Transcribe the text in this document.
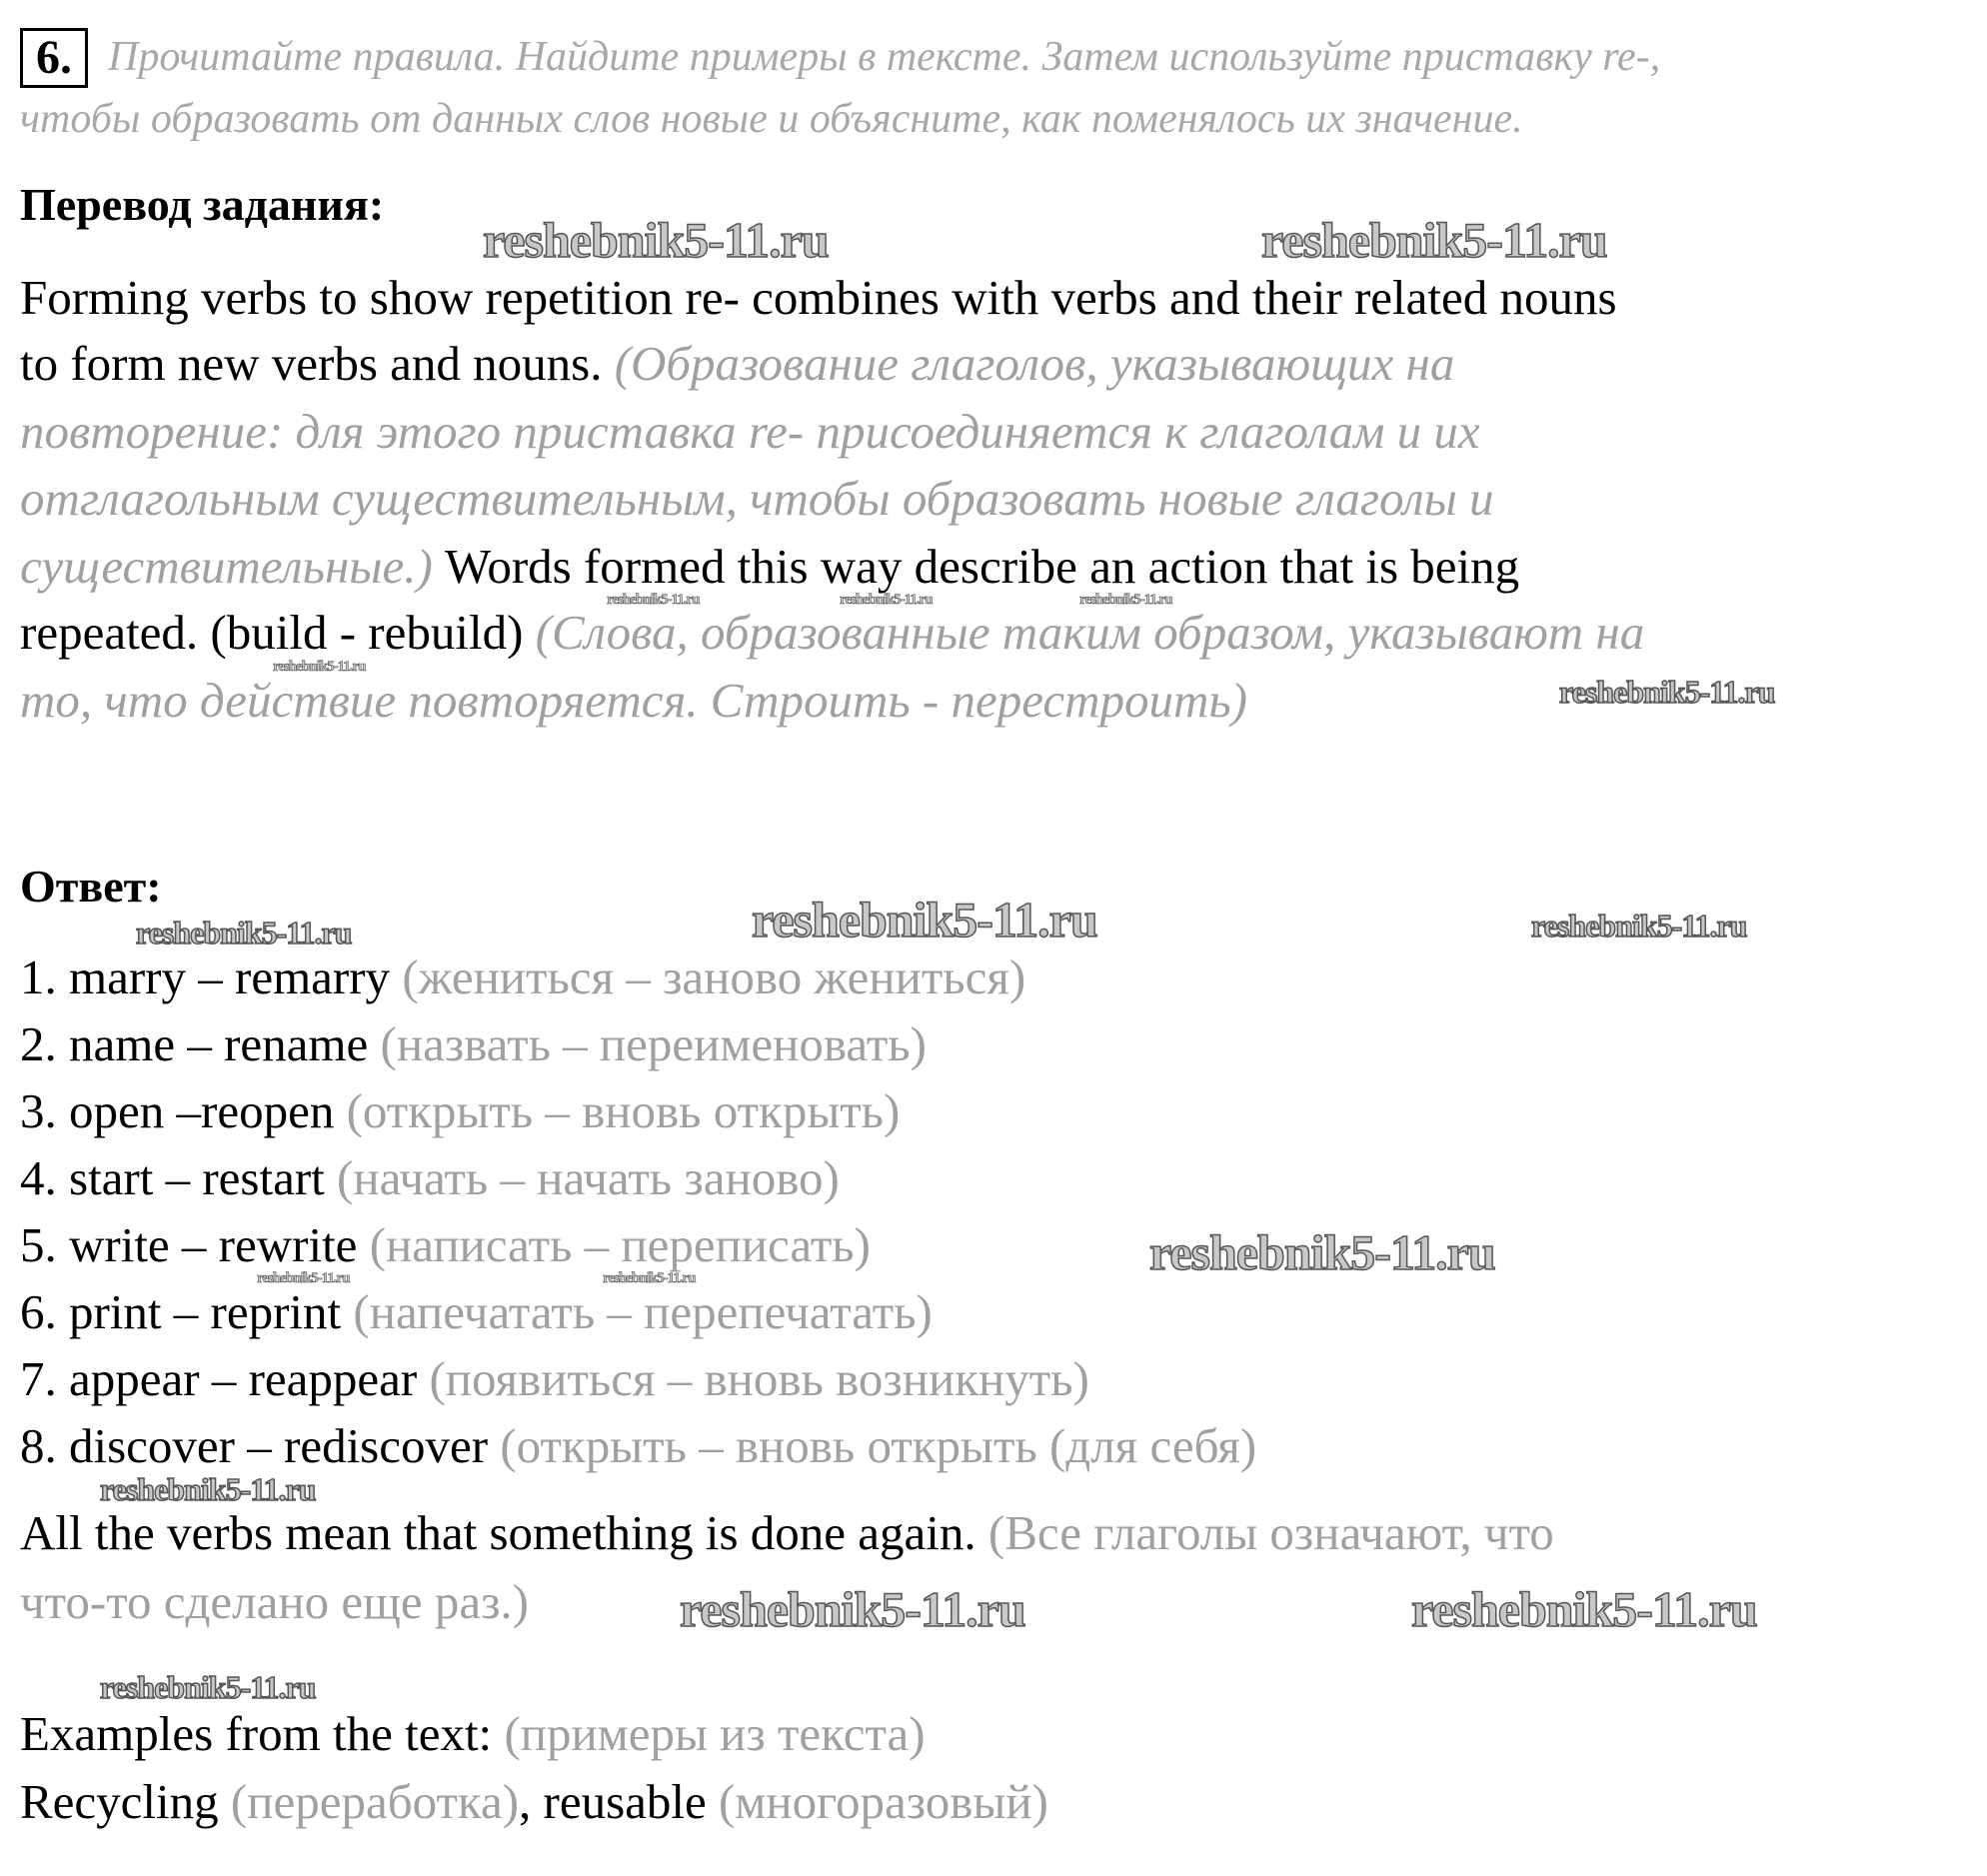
6. Прочитайте правила. Найдите примеры в тексте. Затем используйте приставку re-,
чтобы образовать от данных слов новые и объясните, как поменялось их значение.
Перевод задания:
Forming verbs to show repetition re- combines with verbs and their related nouns
to form new verbs and nouns. (Образование глаголов, указывающих на
повторение: для этого приставка re- присоединяется к глаголам и их
отглагольным существительным, чтобы образовать новые глаголы и
существительные.) Words formed this way describe an action that is being
repeated. (build - rebuild) (Слова, образованные таким образом, указывают на
то, что действие повторяется. Строить - перестроить)
Ответ:
1. marry – remarry (жениться – заново жениться)
2. name – rename (назвать – переименовать)
3. open –reopen (открыть – вновь открыть)
4. start – restart (начать – начать заново)
5. write – rewrite (написать – переписать)
6. print – reprint (напечатать – перепечатать)
7. appear – reappear (появиться – вновь возникнуть)
8. discover – rediscover (открыть – вновь открыть (для себя)
All the verbs mean that something is done again. (Все глаголы означают, что
что-то сделано еще раз.)
Examples from the text: (примеры из текста)
Recycling (переработка), reusable (многоразовый)
reshebnik5-11.ru	reshebnik5-11.ru
reshebnik5-11.ru	reshebnik5-11.ru	reshebnik5-11.ru
reshebnik5-11.ru
reshebnik5-11.ru
reshebnik5-11.ru	reshebnik5-11.ru	reshebnik5-11.ru
reshebnik5-11.ru
reshebnik5-11.ru	reshebnik5-11.ru
reshebnik5-11.ru
reshebnik5-11.ru	reshebnik5-11.ru
reshebnik5-11.ru
